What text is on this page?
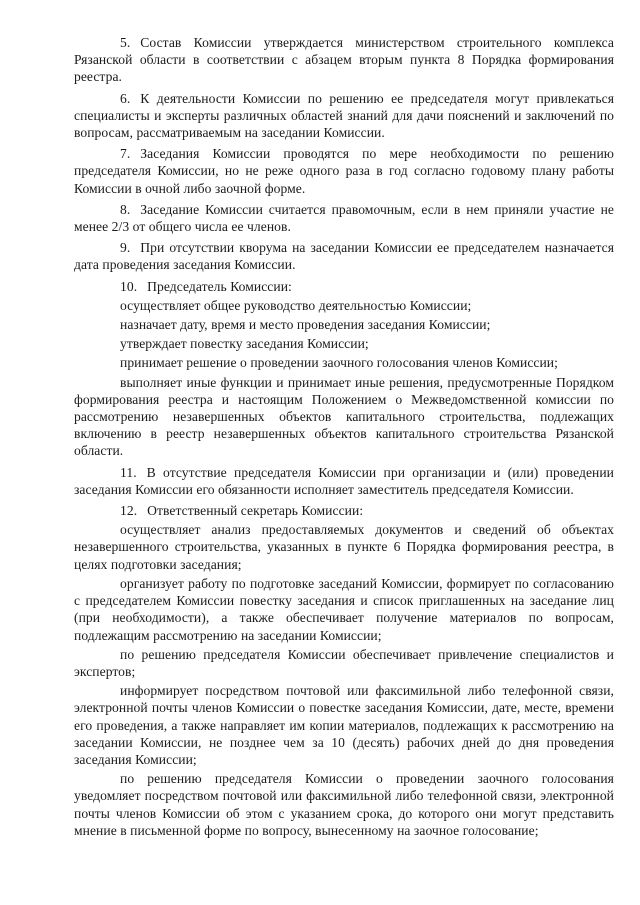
5. Состав Комиссии утверждается министерством строительного комплекса Рязанской области в соответствии с абзацем вторым пункта 8 Порядка формирования реестра.

6. К деятельности Комиссии по решению ее председателя могут привлекаться специалисты и эксперты различных областей знаний для дачи пояснений и заключений по вопросам, рассматриваемым на заседании Комиссии.

7. Заседания Комиссии проводятся по мере необходимости по решению председателя Комиссии, но не реже одного раза в год согласно годовому плану работы Комиссии в очной либо заочной форме.

8. Заседание Комиссии считается правомочным, если в нем приняли участие не менее 2/3 от общего числа ее членов.

9. При отсутствии кворума на заседании Комиссии ее председателем назначается дата проведения заседания Комиссии.

10. Председатель Комиссии:

осуществляет общее руководство деятельностью Комиссии;

назначает дату, время и место проведения заседания Комиссии;

утверждает повестку заседания Комиссии;

принимает решение о проведении заочного голосования членов Комиссии;

выполняет иные функции и принимает иные решения, предусмотренные Порядком формирования реестра и настоящим Положением о Межведомственной комиссии по рассмотрению незавершенных объектов капитального строительства, подлежащих включению в реестр незавершенных объектов капитального строительства Рязанской области.

11. В отсутствие председателя Комиссии при организации и (или) проведении заседания Комиссии его обязанности исполняет заместитель председателя Комиссии.

12. Ответственный секретарь Комиссии:

осуществляет анализ предоставляемых документов и сведений об объектах незавершенного строительства, указанных в пункте 6 Порядка формирования реестра, в целях подготовки заседания;

организует работу по подготовке заседаний Комиссии, формирует по согласованию с председателем Комиссии повестку заседания и список приглашенных на заседание лиц (при необходимости), а также обеспечивает получение материалов по вопросам, подлежащим рассмотрению на заседании Комиссии;

по решению председателя Комиссии обеспечивает привлечение специалистов и экспертов;

информирует посредством почтовой или факсимильной либо телефонной связи, электронной почты членов Комиссии о повестке заседания Комиссии, дате, месте, времени его проведения, а также направляет им копии материалов, подлежащих к рассмотрению на заседании Комиссии, не позднее чем за 10 (десять) рабочих дней до дня проведения заседания Комиссии;

по решению председателя Комиссии о проведении заочного голосования уведомляет посредством почтовой или факсимильной либо телефонной связи, электронной почты членов Комиссии об этом с указанием срока, до которого они могут представить мнение в письменной форме по вопросу, вынесенному на заочное голосование;
